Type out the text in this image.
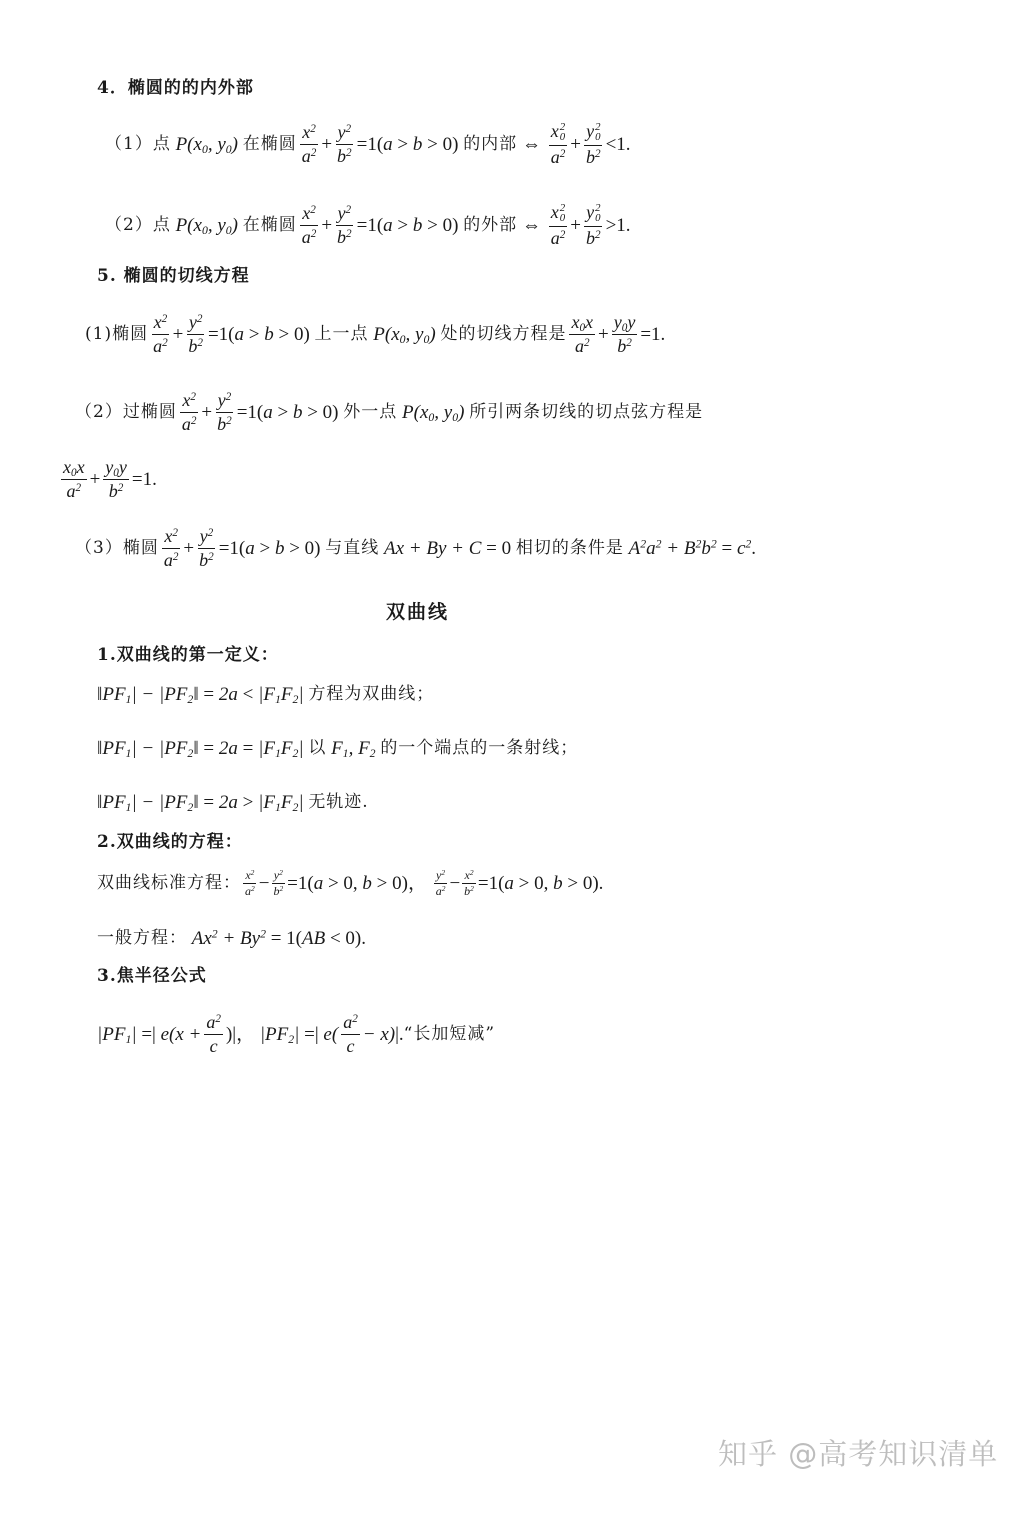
4．椭圆的的内外部
（1）点 $P(x_0$, $y_0$) 在椭圆 $\frac{x^2}{a^2} + \frac{y^2}{b^2} =1(a > b > 0)$ 的内部 ⇔ x 2
0
$a^2 + y$ 2
0
$b^2 <1$.
（2）点 $P(x_0$, $y_0$) 在椭圆 $\frac{x^2}{a^2} + \frac{y^2}{b^2} =1(a > b > 0)$ 的外部 ⇔ x 2
0
$a^2 + y$ 2
0
$b^2 >1$.
5. 椭圆的切线方程
(1)椭圆 $\frac{x^2}{a^2} + \frac{y^2}{b^2} =1(a > b > 0)$ 上一点 $P(x_0$, $y_0$) 处的切线方程是 $\frac{x_0x}{a^2} + \frac{y_0y}{b^2} =1$.
（2）过椭圆 $\frac{x^2}{a^2} + \frac{y^2}{b^2} =1(a > b > 0)$ 外一点 $P(x_0$, $y_0$) 所引两条切线的切点弦方程是
$\frac{x_0x}{a^2} + \frac{y_0y}{b^2} =1$.
（3）椭圆 $\frac{x^2}{a^2} + \frac{y^2}{b^2} =1(a > b > 0)$ 与直线 Ax + By + C = 0 相切的条件是 $A^2a^2 + B^2b^2 = c^2$.
双曲线
1.双曲线的第一定义：
$‖PF_1|$ − $|PF_2‖ = 2a < |F_1F_2|$ 方程为双曲线；
$‖PF_1|$ − $|PF_2‖ = 2a = |F_1F_2|$ 以 $F_1$, $F_2$ 的一个端点的一条射线；
$‖PF_1|$ − $|PF_2‖ = 2a > |F_1F_2|$ 无轨迹.
2.双曲线的方程：
双曲线标准方程： $\frac{x^2}{a^2} - \frac{y^2}{b^2} =1(a > 0$, b > 0)， $\frac{y^2}{a^2} - \frac{x^2}{b^2} =1(a > 0$, b > 0).
一般方程： $Ax^2 + By^2 = 1(AB < 0)$.
3.焦半径公式
$|PF_1|$ =| $e(x + \frac{a^2}{c}$ )|， $|PF_2|$ =| $e( \frac{a^2}{c} - x)|$. “长加短减”
知乎 @高考知识清单
